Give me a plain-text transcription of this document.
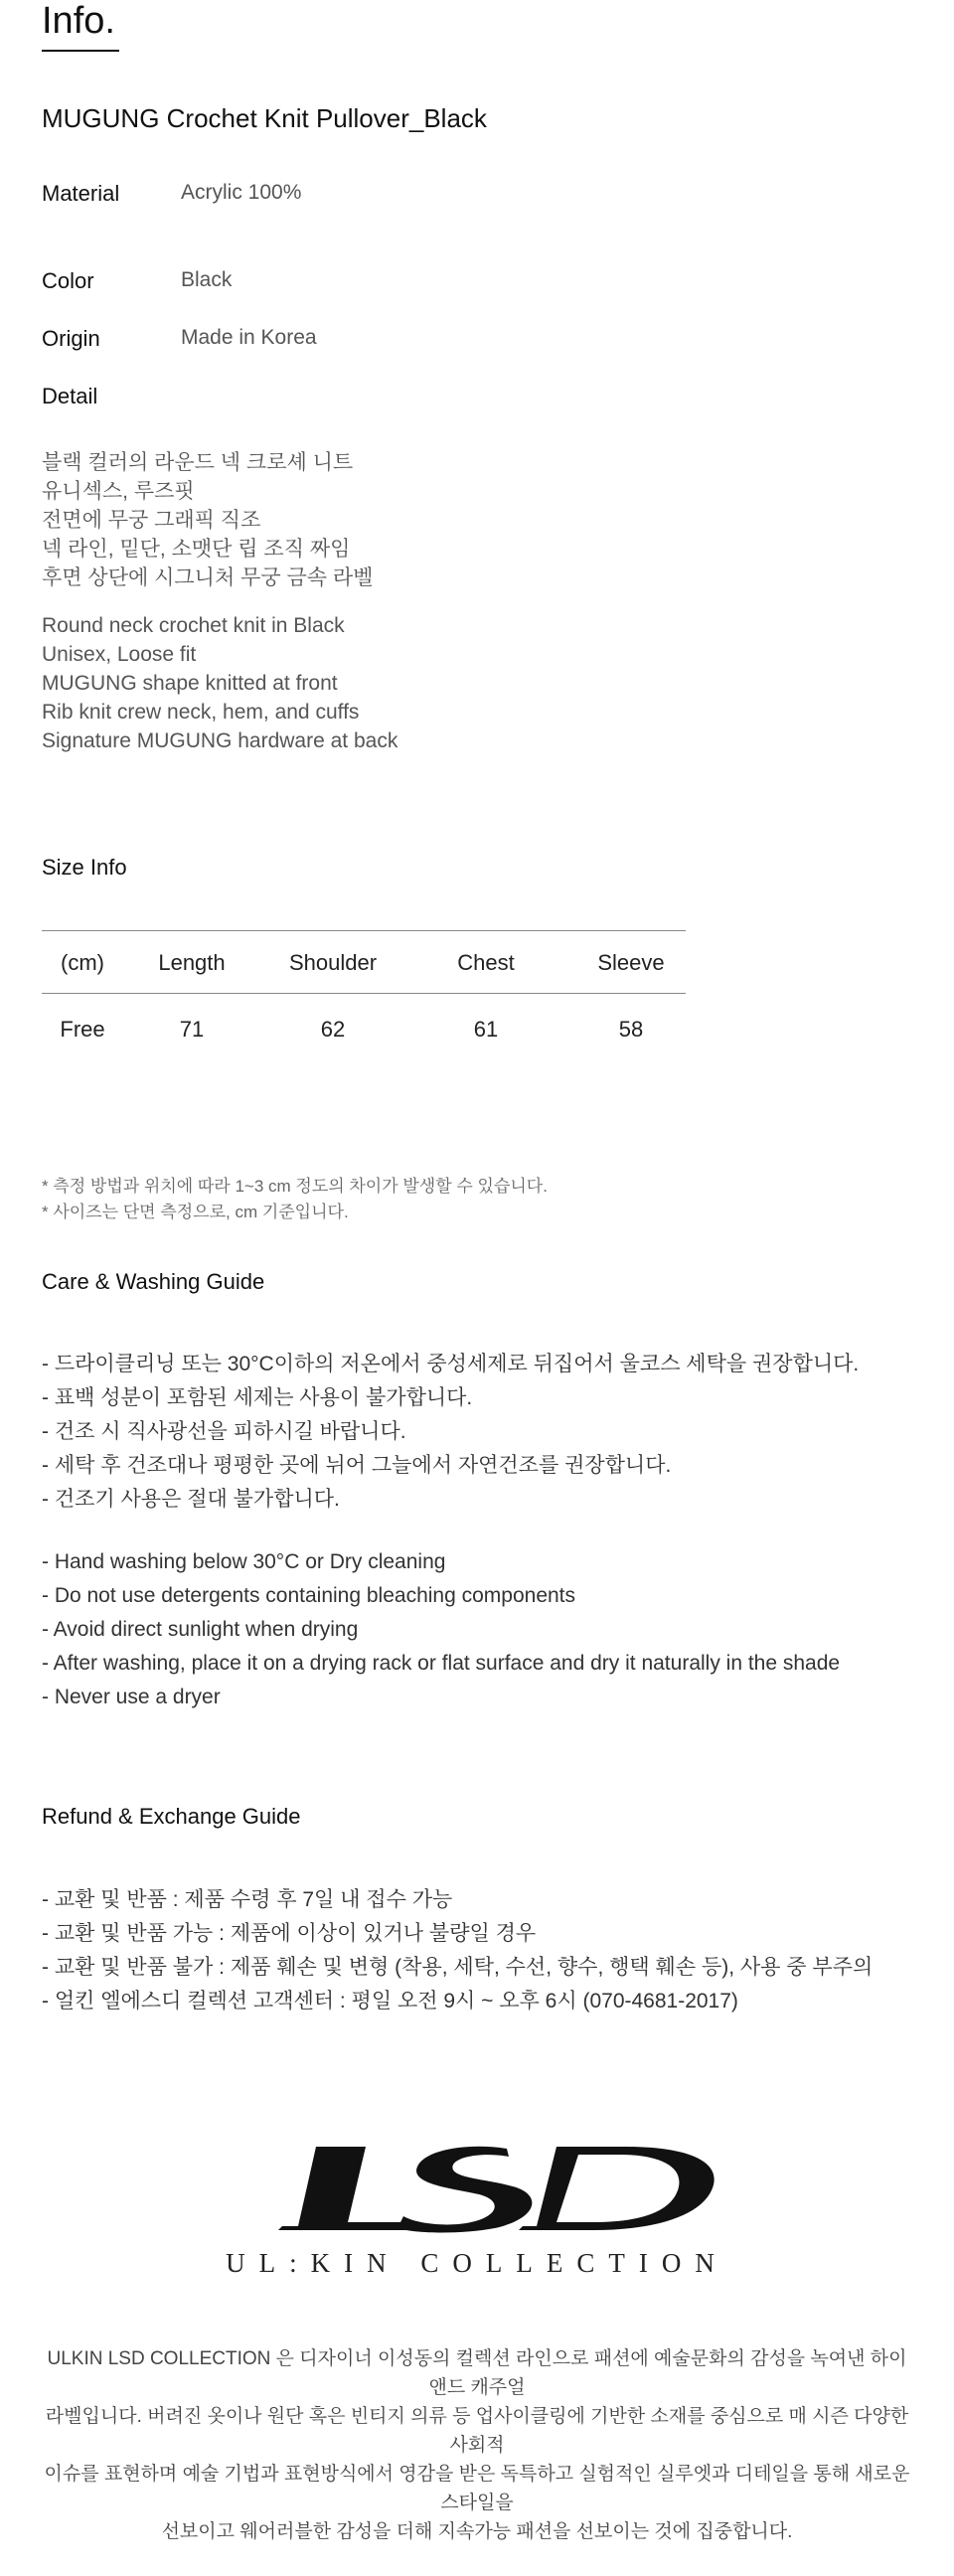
Info.
MUGUNG Crochet Knit Pullover_Black
Material	Acrylic 100%
Color	Black
Origin	Made in Korea
Detail
블랙 컬러의 라운드 넥 크로셰 니트
유니섹스, 루즈핏
전면에 무궁 그래픽 직조
넥 라인, 밑단, 소맷단 립 조직 짜임
후면 상단에 시그니처 무궁 금속 라벨
Round neck crochet knit in Black
Unisex, Loose fit
MUGUNG shape knitted at front
Rib knit crew neck, hem, and cuffs
Signature MUGUNG hardware at back
Size Info
(cm)	Length	Shoulder	Chest	Sleeve
Free	71	62	61	58
* 측정 방법과 위치에 따라 1~3 cm 정도의 차이가 발생할 수 있습니다.
* 사이즈는 단면 측정으로, cm 기준입니다.
Care & Washing Guide
- 드라이클리닝 또는 30°C이하의 저온에서 중성세제로 뒤집어서 울코스 세탁을 권장합니다.
- 표백 성분이 포함된 세제는 사용이 불가합니다.
- 건조 시 직사광선을 피하시길 바랍니다.
- 세탁 후 건조대나 평평한 곳에 뉘어 그늘에서 자연건조를 권장합니다.
- 건조기 사용은 절대 불가합니다.
- Hand washing below 30°C or Dry cleaning
- Do not use detergents containing bleaching components
- Avoid direct sunlight when drying
- After washing, place it on a drying rack or flat surface and dry it naturally in the shade
- Never use a dryer
Refund & Exchange Guide
- 교환 및 반품 : 제품 수령 후 7일 내 접수 가능
- 교환 및 반품 가능 : 제품에 이상이 있거나 불량일 경우
- 교환 및 반품 불가 : 제품 훼손 및 변형 (착용, 세탁, 수선, 향수, 행택 훼손 등), 사용 중 부주의
- 얼킨 엘에스디 컬렉션 고객센터 : 평일 오전 9시 ~ 오후 6시 (070-4681-2017)
UL:KIN COLLECTION
ULKIN LSD COLLECTION 은 디자이너 이성동의 컬렉션 라인으로 패션에 예술문화의 감성을 녹여낸 하이앤드 캐주얼
라벨입니다. 버려진 옷이나 원단 혹은 빈티지 의류 등 업사이클링에 기반한 소재를 중심으로 매 시즌 다양한 사회적
이슈를 표현하며 예술 기법과 표현방식에서 영감을 받은 독특하고 실험적인 실루엣과 디테일을 통해 새로운 스타일을
선보이고 웨어러블한 감성을 더해 지속가능 패션을 선보이는 것에 집중합니다.
